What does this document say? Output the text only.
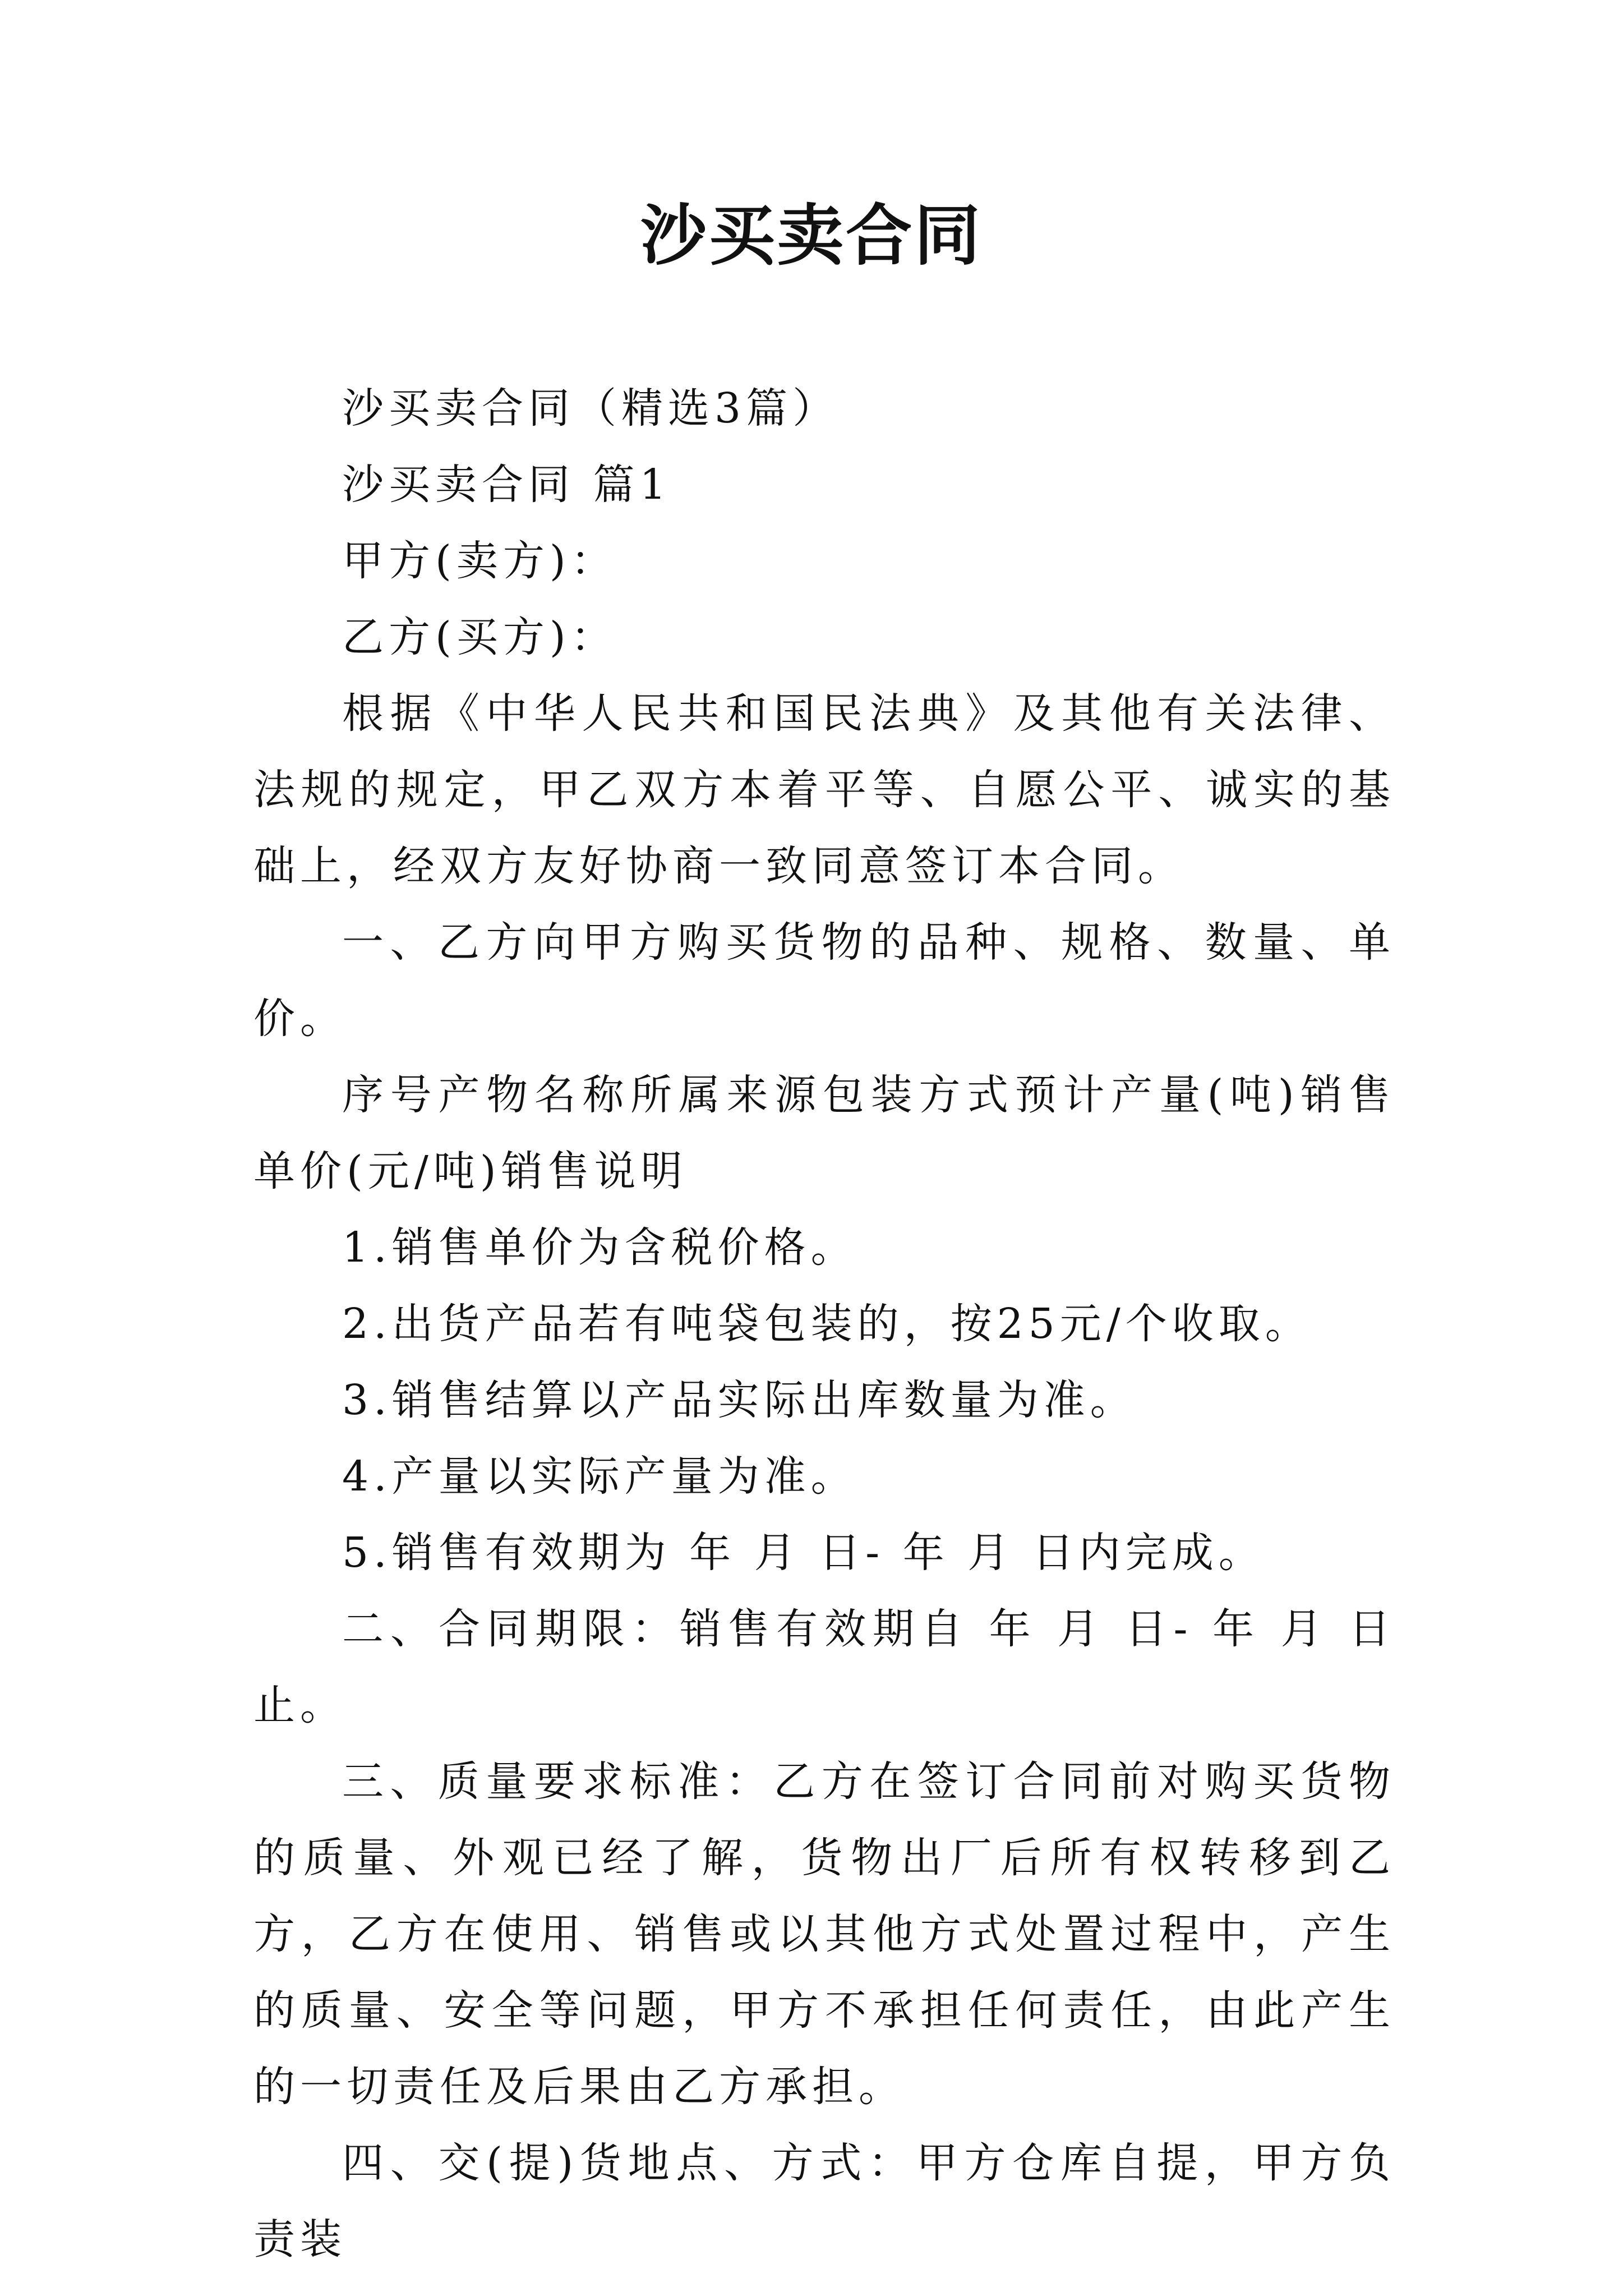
沙买卖合同

沙买卖合同（精选3篇）

沙买卖合同 篇1

甲方(卖方)：

乙方(买方)：

根据《中华人民共和国民法典》及其他有关法律、法规的规定，甲乙双方本着平等、自愿公平、诚实的基础上，经双方友好协商一致同意签订本合同。

一、乙方向甲方购买货物的品种、规格、数量、单价。

序号产物名称所属来源包装方式预计产量(吨)销售单价(元/吨)销售说明

1.销售单价为含税价格。

2.出货产品若有吨袋包装的，按25元/个收取。

3.销售结算以产品实际出库数量为准。

4.产量以实际产量为准。

5.销售有效期为 年 月 日- 年 月 日内完成。

二、合同期限：销售有效期自 年 月 日- 年 月 日止。

三、质量要求标准：乙方在签订合同前对购买货物的质量、外观已经了解，货物出厂后所有权转移到乙方，乙方在使用、销售或以其他方式处置过程中，产生的质量、安全等问题，甲方不承担任何责任，由此产生的一切责任及后果由乙方承担。

四、交(提)货地点、方式：甲方仓库自提，甲方负责装
